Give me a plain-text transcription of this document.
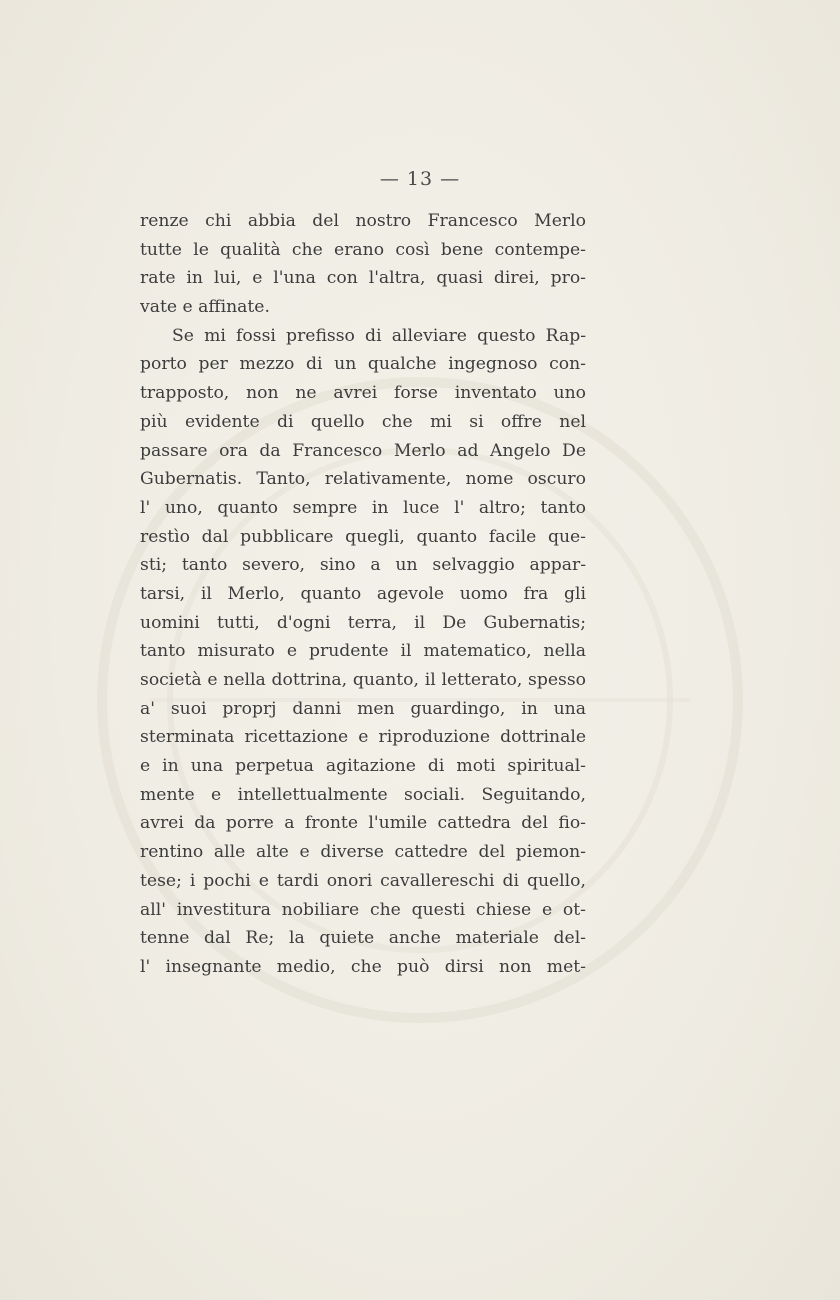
— 13 —
renze chi abbia del nostro Francesco Merlo
tutte le qualità che erano così bene contempe-
rate in lui, e l'una con l'altra, quasi direi, pro-
vate e affinate.
Se mi fossi prefisso di alleviare questo Rap-
porto per mezzo di un qualche ingegnoso con-
trapposto, non ne avrei forse inventato uno
più evidente di quello che mi si offre nel
passare ora da Francesco Merlo ad Angelo De
Gubernatis. Tanto, relativamente, nome oscuro
l' uno, quanto sempre in luce l' altro; tanto
restìo dal pubblicare quegli, quanto facile que-
sti; tanto severo, sino a un selvaggio appar-
tarsi, il Merlo, quanto agevole uomo fra gli
uomini tutti, d'ogni terra, il De Gubernatis;
tanto misurato e prudente il matematico, nella
società e nella dottrina, quanto, il letterato, spesso
a' suoi proprj danni men guardingo, in una
sterminata ricettazione e riproduzione dottrinale
e in una perpetua agitazione di moti spiritual-
mente e intellettualmente sociali. Seguitando,
avrei da porre a fronte l'umile cattedra del fio-
rentino alle alte e diverse cattedre del piemon-
tese; i pochi e tardi onori cavallereschi di quello,
all' investitura nobiliare che questi chiese e ot-
tenne dal Re; la quiete anche materiale del-
l' insegnante medio, che può dirsi non met-
